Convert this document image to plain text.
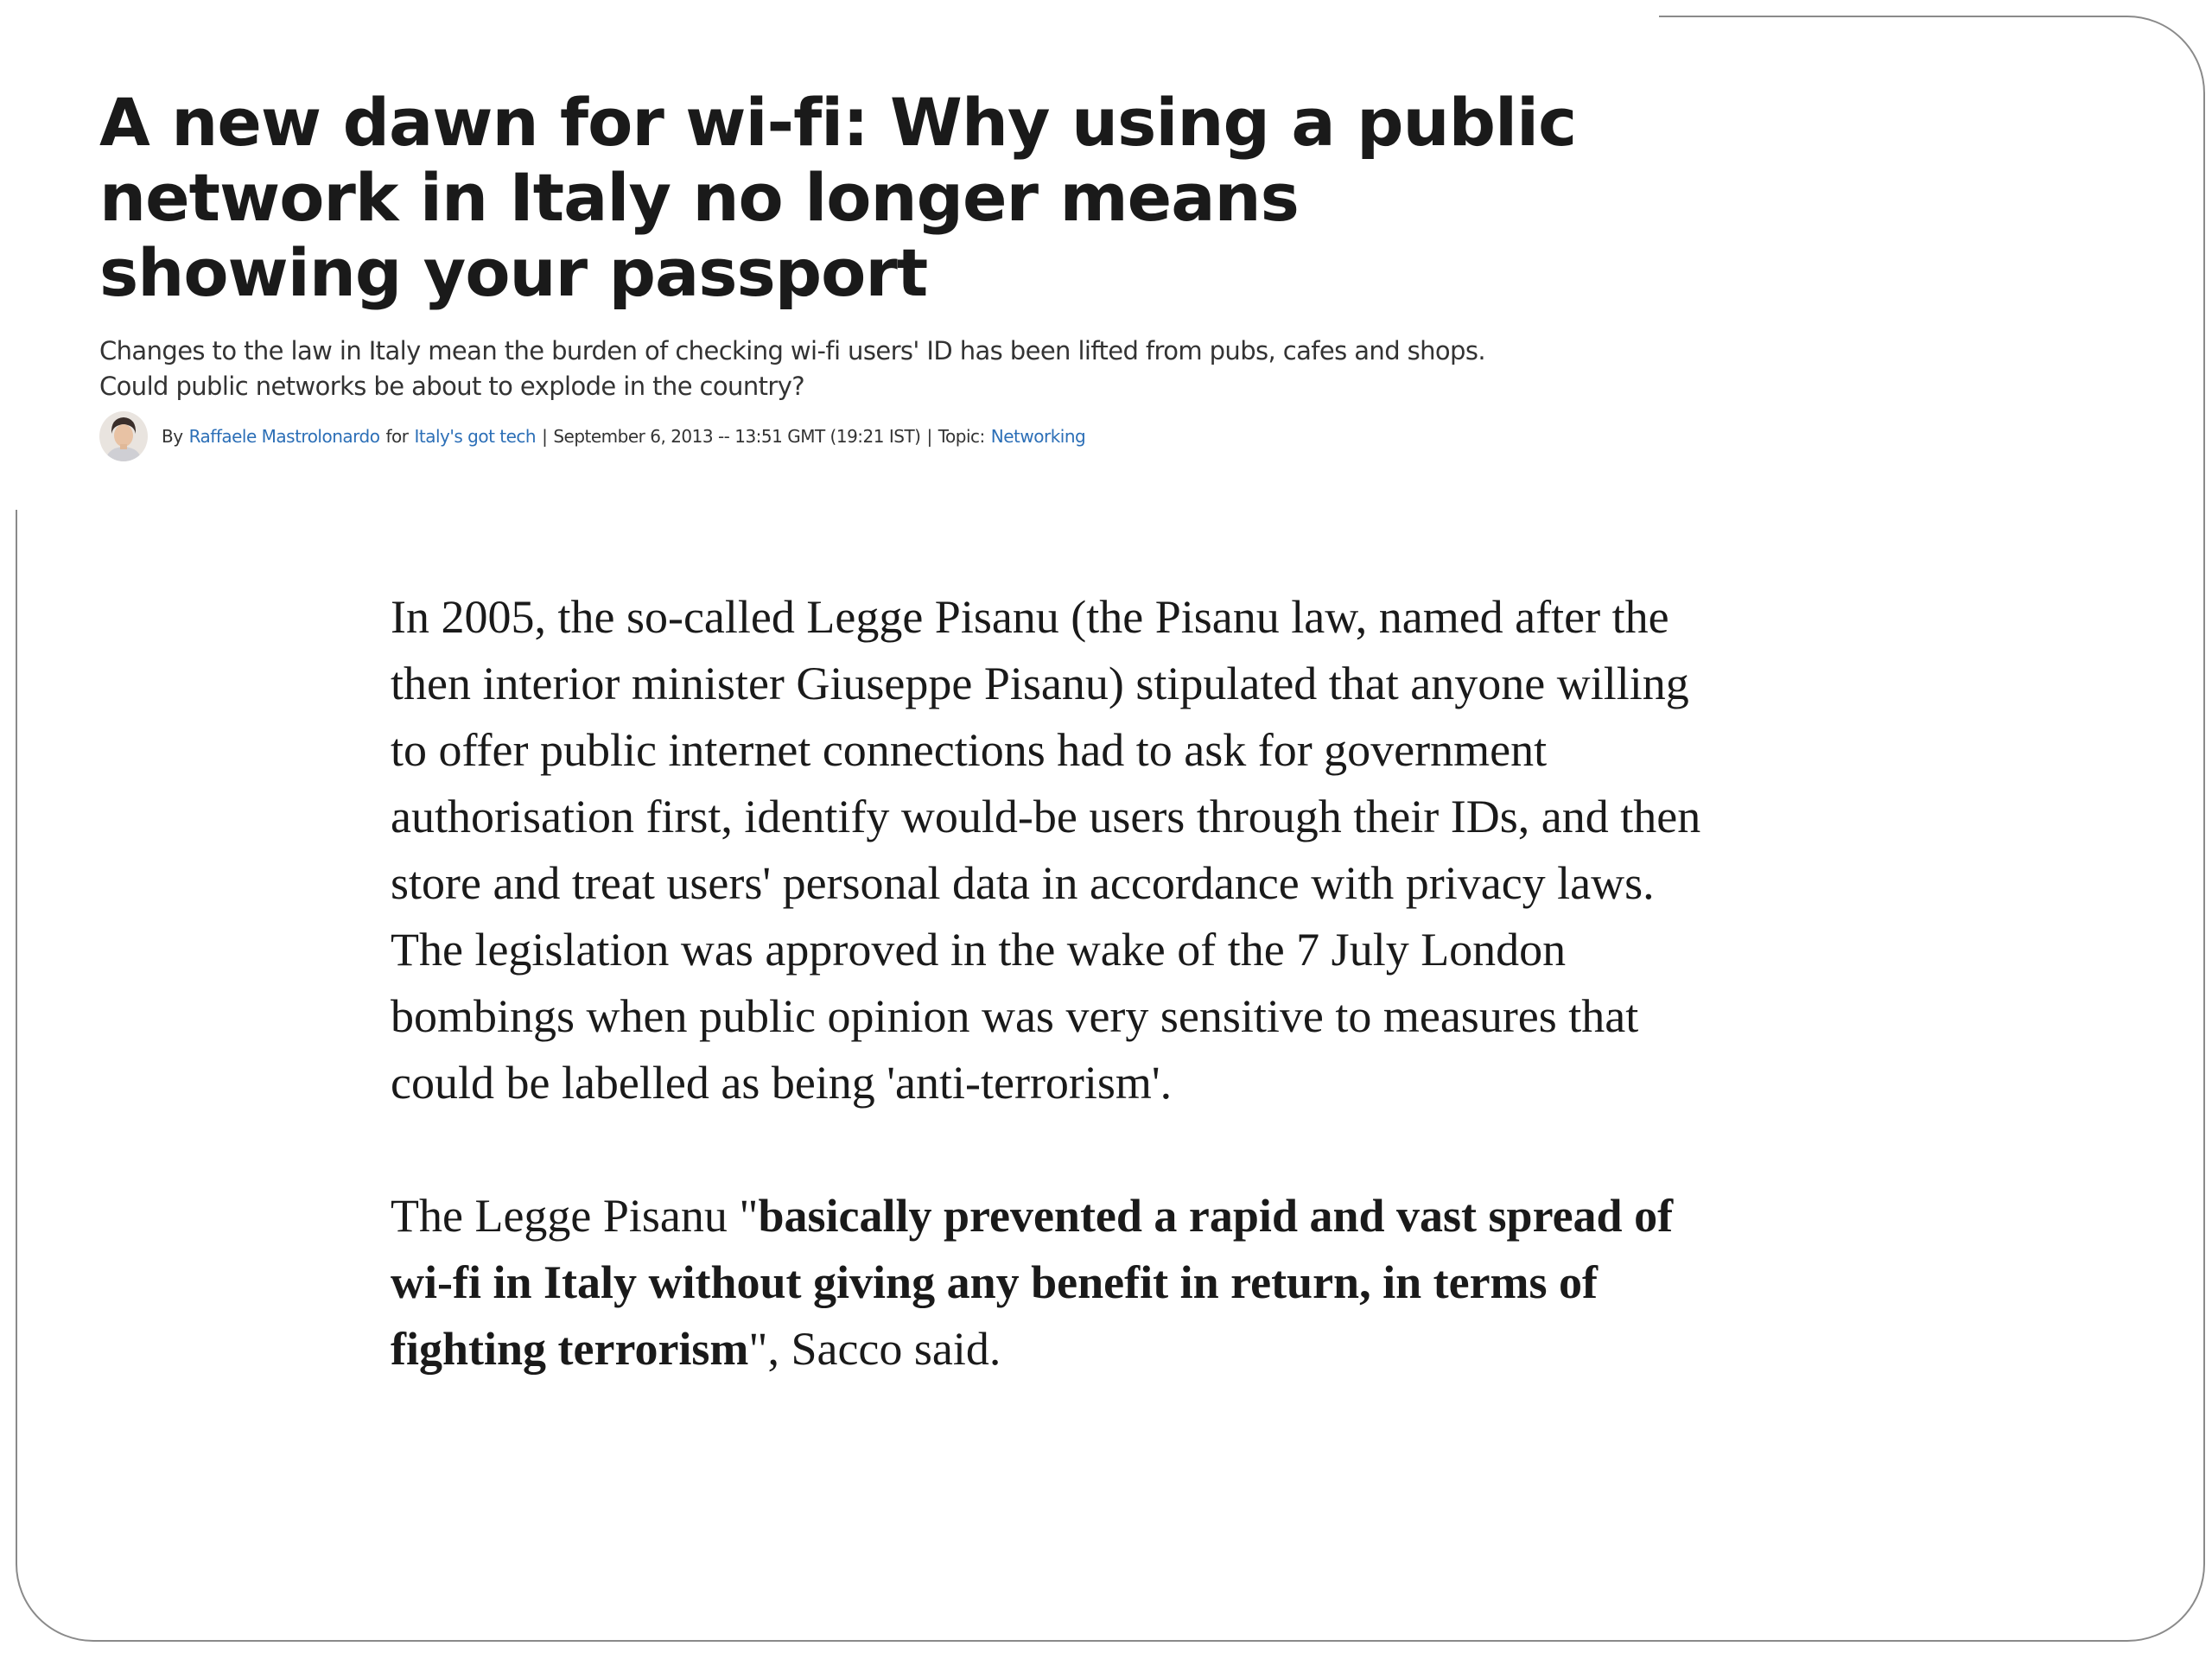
A new dawn for wi-fi: Why using a public network in Italy no longer means showing your passport

Changes to the law in Italy mean the burden of checking wi-fi users' ID has been lifted from pubs, cafes and shops. Could public networks be about to explode in the country?

By Raffaele Mastrolonardo for Italy's got tech | September 6, 2013 -- 13:51 GMT (19:21 IST) | Topic: Networking

In 2005, the so-called Legge Pisanu (the Pisanu law, named after the then interior minister Giuseppe Pisanu) stipulated that anyone willing to offer public internet connections had to ask for government authorisation first, identify would-be users through their IDs, and then store and treat users' personal data in accordance with privacy laws. The legislation was approved in the wake of the 7 July London bombings when public opinion was very sensitive to measures that could be labelled as being 'anti-terrorism'.

The Legge Pisanu "basically prevented a rapid and vast spread of wi-fi in Italy without giving any benefit in return, in terms of fighting terrorism", Sacco said.
